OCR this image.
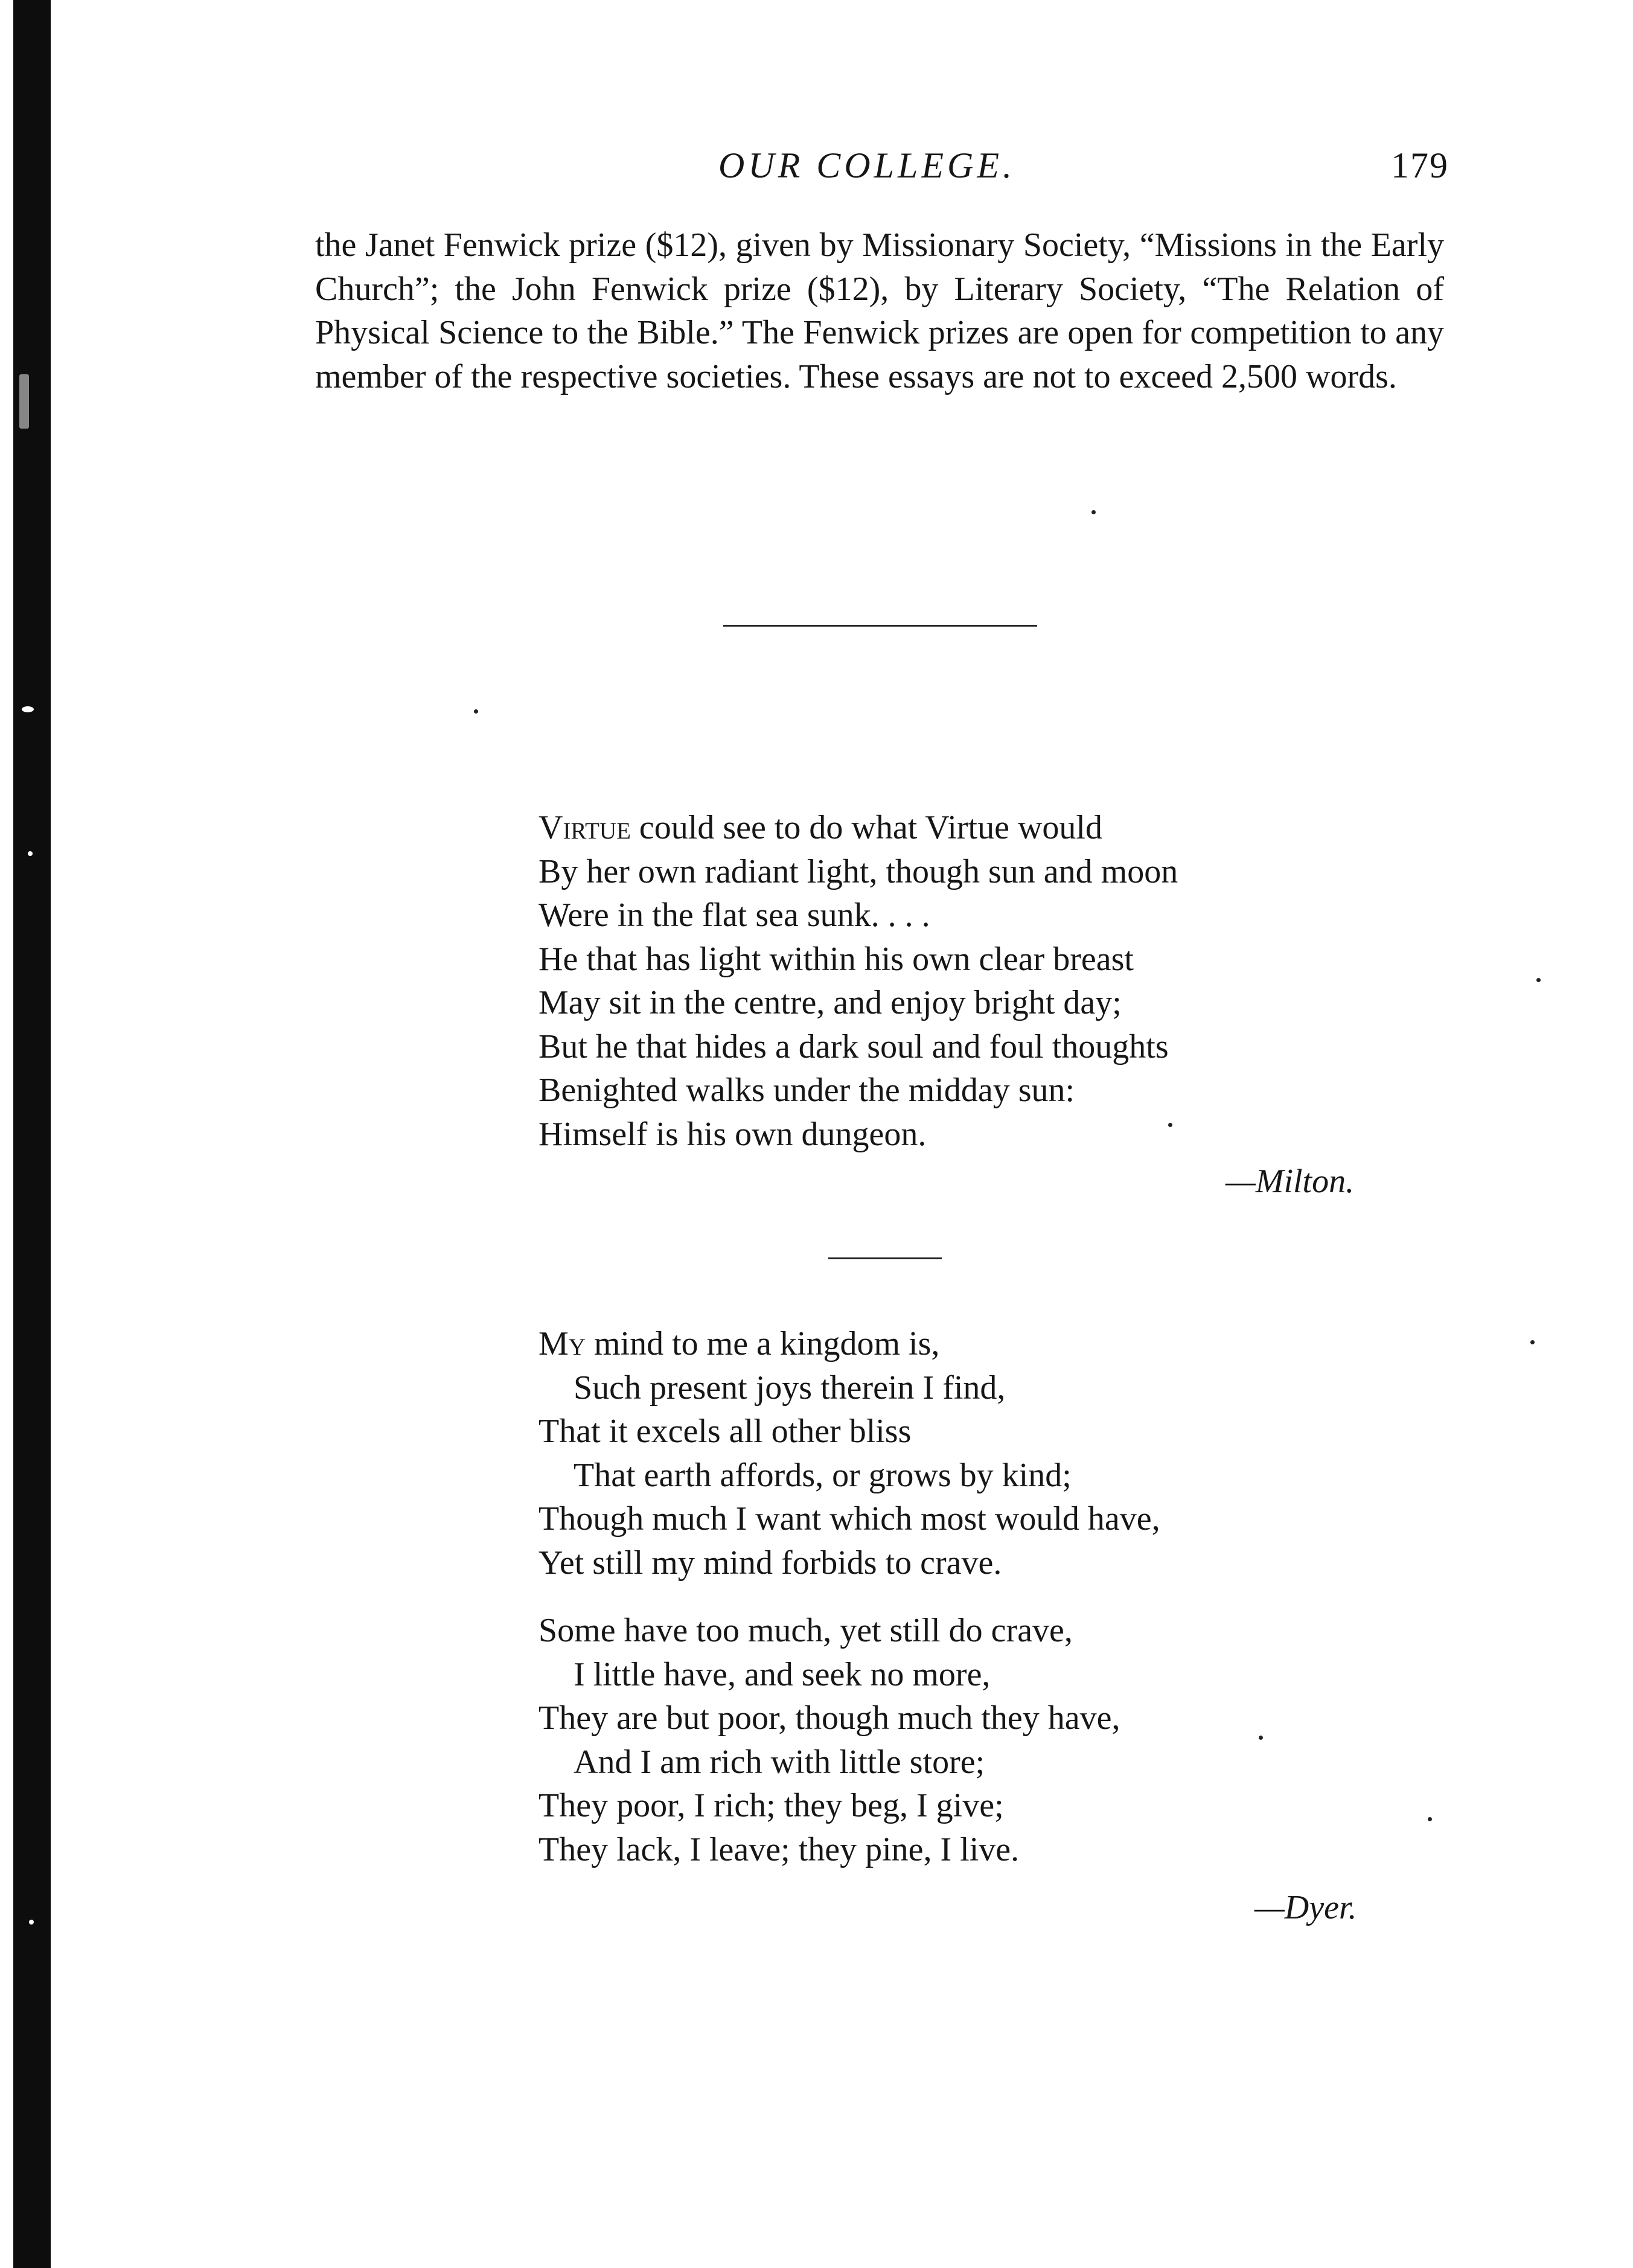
OUR COLLEGE.	179

the Janet Fenwick prize ($12), given by Missionary Society, “Missions in the Early Church”; the John Fenwick prize ($12), by Literary Society, “The Relation of Physical Science to the Bible.” The Fenwick prizes are open for competition to any member of the respective societies. These essays are not to exceed 2,500 words.

Virtue could see to do what Virtue would
By her own radiant light, though sun and moon
Were in the flat sea sunk. . . .
He that has light within his own clear breast
May sit in the centre, and enjoy bright day;
But he that hides a dark soul and foul thoughts
Benighted walks under the midday sun:
Himself is his own dungeon.
—Milton.
My mind to me a kingdom is,
Such present joys therein I find,
That it excels all other bliss
That earth affords, or grows by kind;
Though much I want which most would have,
Yet still my mind forbids to crave.
Some have too much, yet still do crave,
I little have, and seek no more,
They are but poor, though much they have,
And I am rich with little store;
They poor, I rich; they beg, I give;
They lack, I leave; they pine, I live.
—Dyer.
